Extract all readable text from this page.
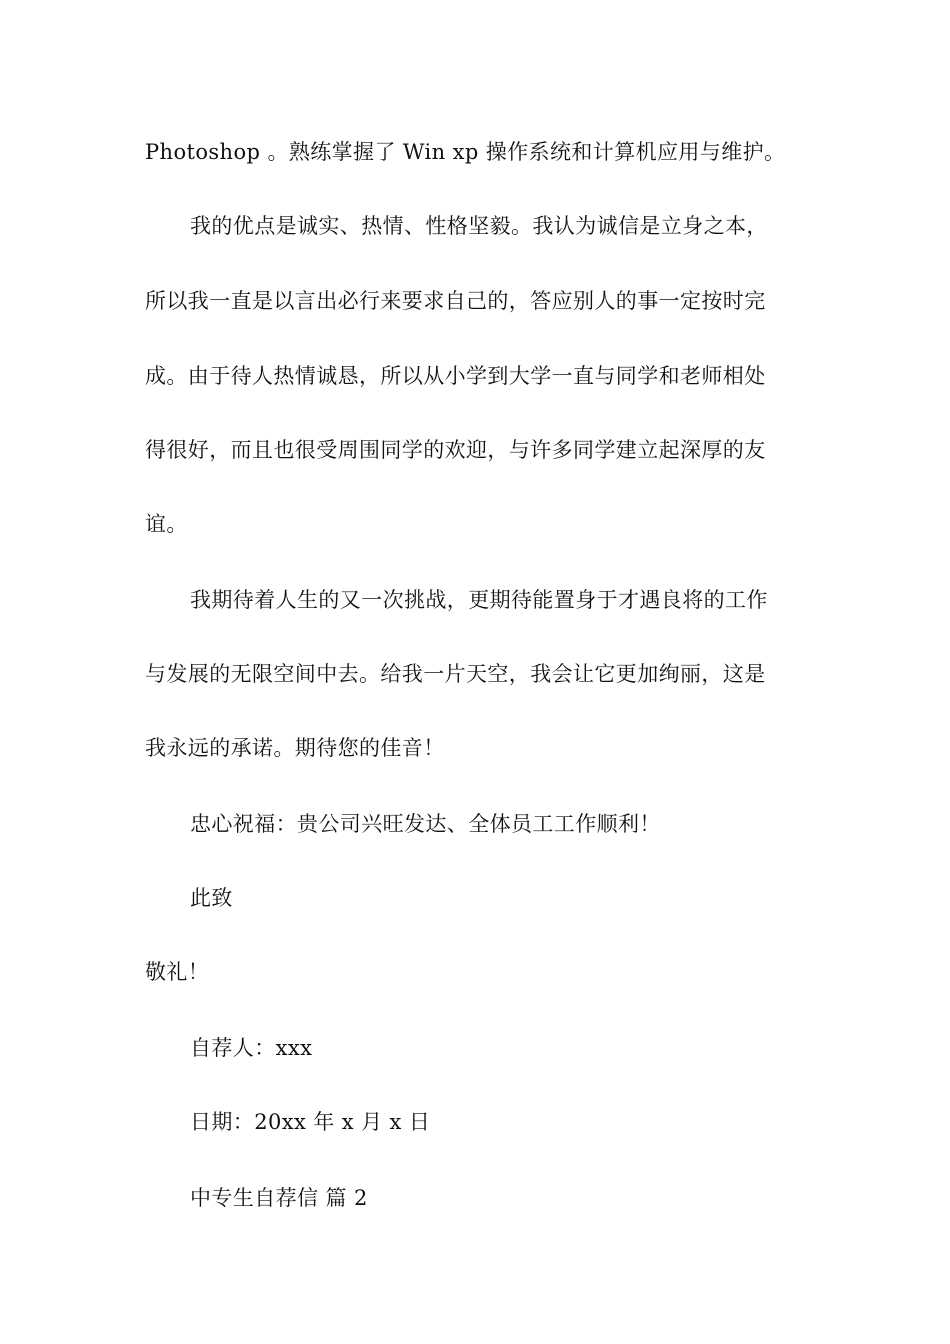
Photoshop 。熟练掌握了 Win xp 操作系统和计算机应用与维护。
我的优点是诚实、热情、性格坚毅。我认为诚信是立身之本，
所以我一直是以言出必行来要求自己的，答应别人的事一定按时完
成。由于待人热情诚恳，所以从小学到大学一直与同学和老师相处
得很好，而且也很受周围同学的欢迎，与许多同学建立起深厚的友
谊。
我期待着人生的又一次挑战，更期待能置身于才遇良将的工作
与发展的无限空间中去。给我一片天空，我会让它更加绚丽，这是
我永远的承诺。期待您的佳音！
忠心祝福：贵公司兴旺发达、全体员工工作顺利！
此致
敬礼！
自荐人：xxx
日期：20xx 年 x 月 x 日
中专生自荐信 篇 2
